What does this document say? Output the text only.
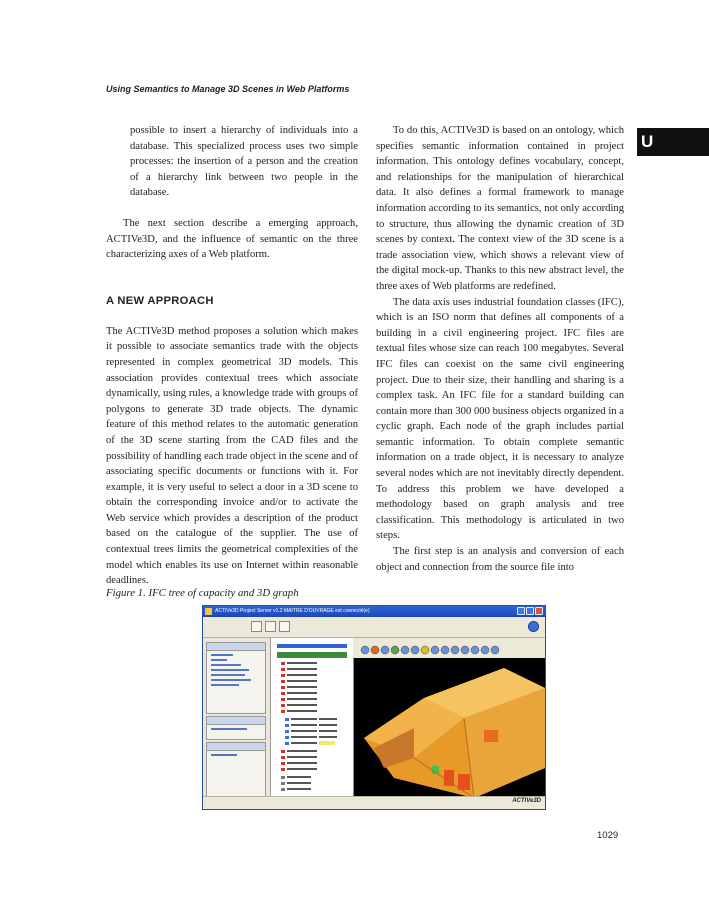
Using Semantics to Manage 3D Scenes in Web Platforms
U

possible to insert a hierarchy of individuals into a database. This specialized process uses two simple processes: the insertion of a person and the creation of a hierarchy link between two people in the database.

The next section describe a emerging approach, ACTIVe3D, and the influence of semantic on the three characterizing axes of a Web platform.

A NEW APPROACH

The ACTIVe3D method proposes a solution which makes it possible to associate semantics trade with the objects represented in complex geometrical 3D models. This association provides contextual trees which associate dynamically, using rules, a knowledge trade with groups of polygons to generate 3D trade objects. The dynamic feature of this method relates to the automatic generation of the 3D scene starting from the CAD files and the possibility of handling each trade object in the scene and of associating specific documents or functions with it. For example, it is very useful to select a door in a 3D scene to obtain the corresponding invoice and/or to activate the Web service which provides a description of the product based on the catalogue of the supplier. The use of contextual trees limits the geometrical complexities of the model which enables its use on Internet within reasonable deadlines.

To do this, ACTIVe3D is based on an ontology, which specifies semantic information contained in project information. This ontology defines vocabulary, concept, and relationships for the manipulation of hierarchical data. It also defines a formal framework to manage information according to its semantics, not only according to structure, thus allowing the dynamic creation of 3D scenes by context. The context view of the 3D scene is a trade association view, which shows a relevant view of the digital mock-up. Thanks to this new abstract level, the three axes of Web platforms are redefined.

The data axis uses industrial foundation classes (IFC), which is an ISO norm that defines all components of a building in a civil engineering project. IFC files are textual files whose size can reach 100 megabytes. Several IFC files can coexist on the same civil engineering project. Due to their size, their handling and sharing is a complex task. An IFC file for a standard building can contain more than 300 000 business objects organized in a cyclic graph. Each node of the graph includes partial semantic information. To obtain complete semantic information on a trade object, it is necessary to analyze several nodes which are not inevitably directly dependent. To address this problem we have developed a methodology based on graph analysis and tree classification. This methodology is articulated in two steps.

The first step is an analysis and conversion of each object and connection from the source file into

Figure 1. IFC tree of capacity and 3D graph
ACTIVe3D Project Server v1.2 MAITRE D'OUVRAGE est connecté(e)
ACTIVe3D
1029
